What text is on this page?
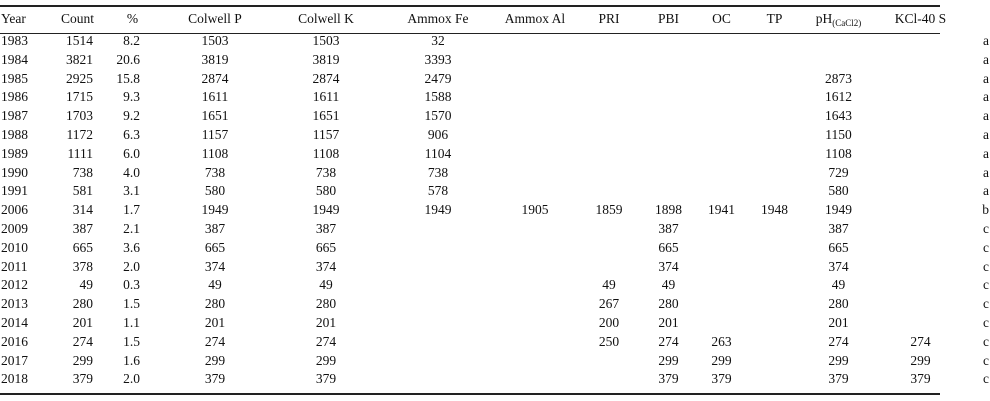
Year	Count	%	Colwell P	Colwell K	Ammox Fe	Ammox Al	PRI	PBI	OC	TP	$pH_{(CaCl2)}$	KCl-40 S	
1983	1514	8.2	1503	1503	32								a
1984	3821	20.6	3819	3819	3393								a
1985	2925	15.8	2874	2874	2479						2873		a
1986	1715	9.3	1611	1611	1588						1612		a
1987	1703	9.2	1651	1651	1570						1643		a
1988	1172	6.3	1157	1157	906						1150		a
1989	1111	6.0	1108	1108	1104						1108		a
1990	738	4.0	738	738	738						729		a
1991	581	3.1	580	580	578						580		a
2006	314	1.7	1949	1949	1949	1905	1859	1898	1941	1948	1949		b
2009	387	2.1	387	387				387			387		c
2010	665	3.6	665	665				665			665		c
2011	378	2.0	374	374				374			374		c
2012	49	0.3	49	49			49	49			49		c
2013	280	1.5	280	280			267	280			280		c
2014	201	1.1	201	201			200	201			201		c
2016	274	1.5	274	274			250	274	263		274	274	c
2017	299	1.6	299	299				299	299		299	299	c
2018	379	2.0	379	379				379	379		379	379	c
